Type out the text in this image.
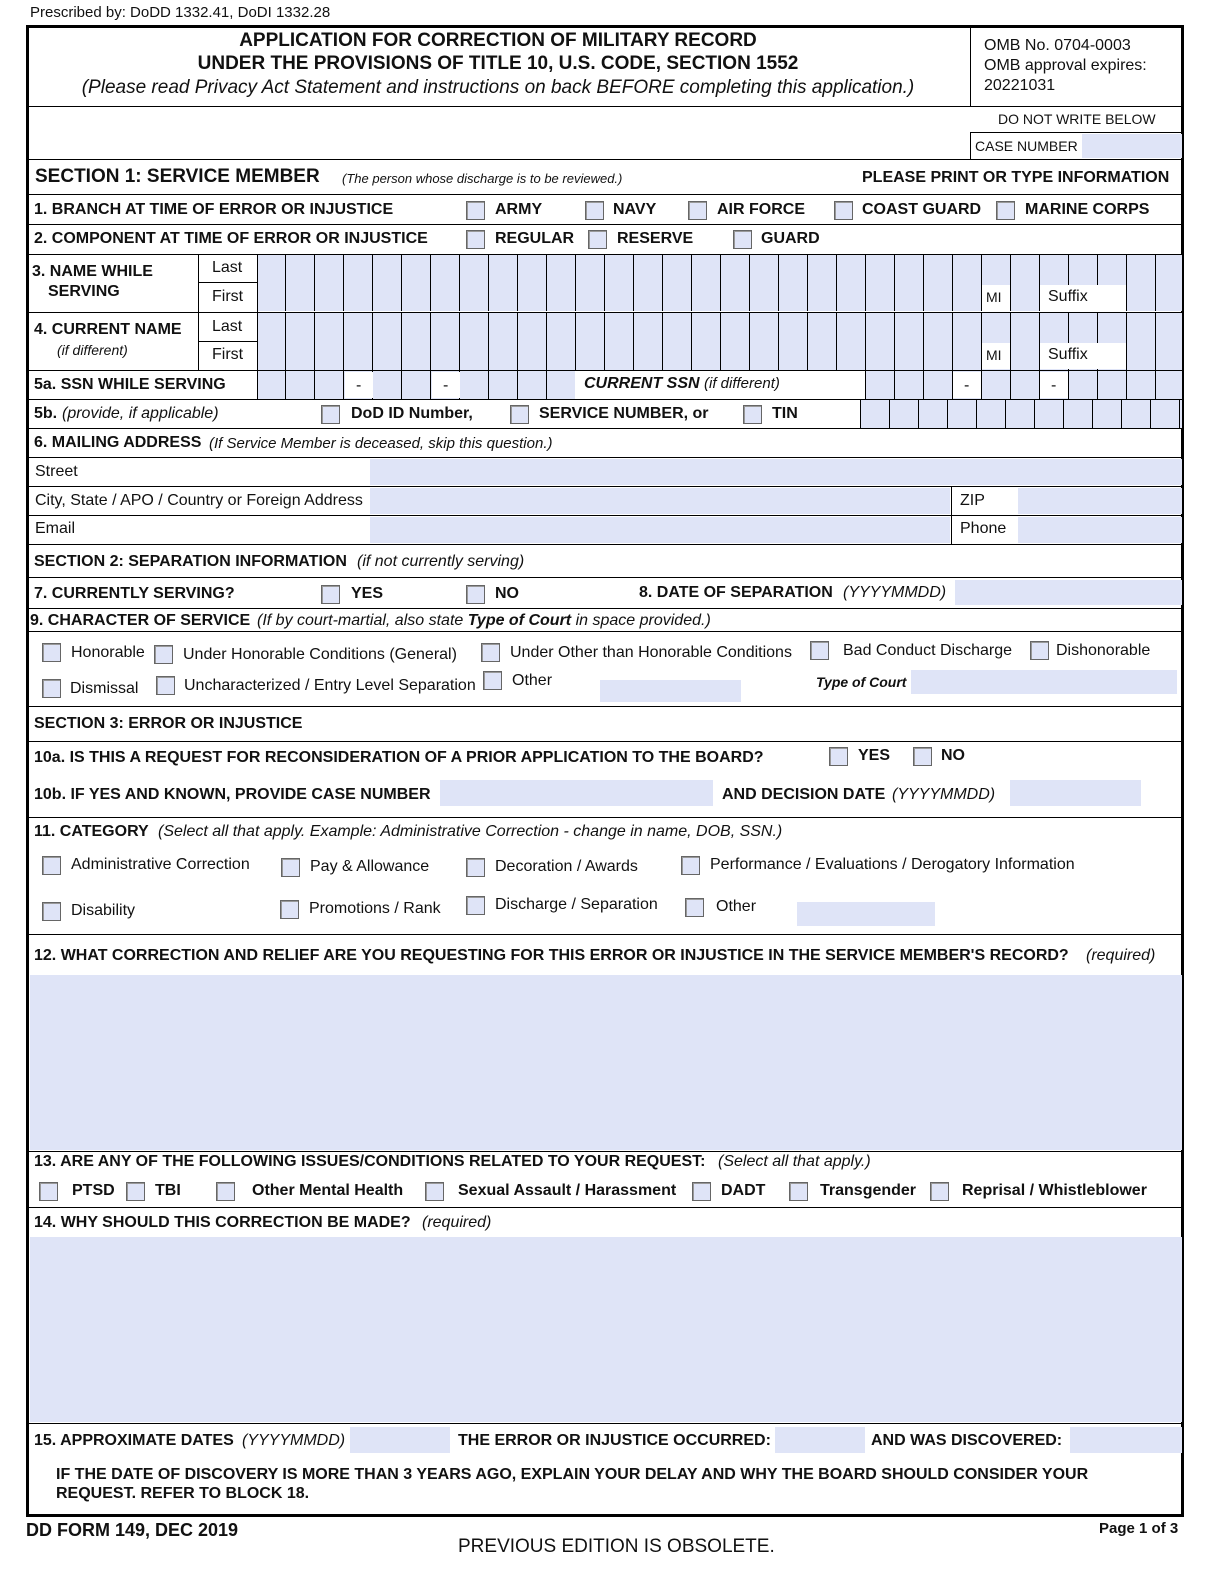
Prescribed by: DoDD 1332.41, DoDI 1332.28
APPLICATION FOR CORRECTION OF MILITARY RECORD
UNDER THE PROVISIONS OF TITLE 10, U.S. CODE, SECTION 1552
(Please read Privacy Act Statement and instructions on back BEFORE completing this application.)
OMB No. 0704-0003
OMB approval expires:
20221031
DO NOT WRITE BELOW
CASE NUMBER
SECTION 1: SERVICE MEMBER (The person whose discharge is to be reviewed.)	PLEASE PRINT OR TYPE INFORMATION
1. BRANCH AT TIME OF ERROR OR INJUSTICE	ARMY	NAVY	AIR FORCE	COAST GUARD	MARINE CORPS
2. COMPONENT AT TIME OF ERROR OR INJUSTICE	REGULAR	RESERVE	GUARD
3. NAME WHILE
SERVING
Last
First	MI	Suffix
4. CURRENT NAME
(if different)
Last
First	MI	Suffix
5a. SSN WHILE SERVING	-	-	CURRENT SSN (if different)	-	-
5b. (provide, if applicable)	DoD ID Number,	SERVICE NUMBER, or	TIN
6. MAILING ADDRESS (If Service Member is deceased, skip this question.)
Street
City, State / APO / Country or Foreign Address	ZIP
Email	Phone
SECTION 2: SEPARATION INFORMATION (if not currently serving)
7. CURRENTLY SERVING?	YES	NO	8. DATE OF SEPARATION (YYYYMMDD)
9. CHARACTER OF SERVICE (If by court-martial, also state Type of Court in space provided.)
Honorable Under Honorable Conditions (General)	Under Other than Honorable Conditions	Bad Conduct Discharge	Dishonorable
Dismissal	Uncharacterized / Entry Level Separation Other	Type of Court
SECTION 3: ERROR OR INJUSTICE
10a. IS THIS A REQUEST FOR RECONSIDERATION OF A PRIOR APPLICATION TO THE BOARD?	YES	NO
10b. IF YES AND KNOWN, PROVIDE CASE NUMBER	AND DECISION DATE (YYYYMMDD)
11. CATEGORY (Select all that apply. Example: Administrative Correction - change in name, DOB, SSN.)
Administrative Correction	Pay & Allowance	Decoration / Awards	Performance / Evaluations / Derogatory Information
Disability	Promotions / Rank	Discharge / Separation	Other
12. WHAT CORRECTION AND RELIEF ARE YOU REQUESTING FOR THIS ERROR OR INJUSTICE IN THE SERVICE MEMBER'S RECORD? (required)
13. ARE ANY OF THE FOLLOWING ISSUES/CONDITIONS RELATED TO YOUR REQUEST: (Select all that apply.)
PTSD	TBI	Other Mental Health	Sexual Assault / Harassment	DADT	Transgender	Reprisal / Whistleblower
14. WHY SHOULD THIS CORRECTION BE MADE? (required)
15. APPROXIMATE DATES (YYYYMMDD)	THE ERROR OR INJUSTICE OCCURRED:	AND WAS DISCOVERED:
IF THE DATE OF DISCOVERY IS MORE THAN 3 YEARS AGO, EXPLAIN YOUR DELAY AND WHY THE BOARD SHOULD CONSIDER YOUR
REQUEST. REFER TO BLOCK 18.
DD FORM 149, DEC 2019
PREVIOUS EDITION IS OBSOLETE.
Page 1 of 3
